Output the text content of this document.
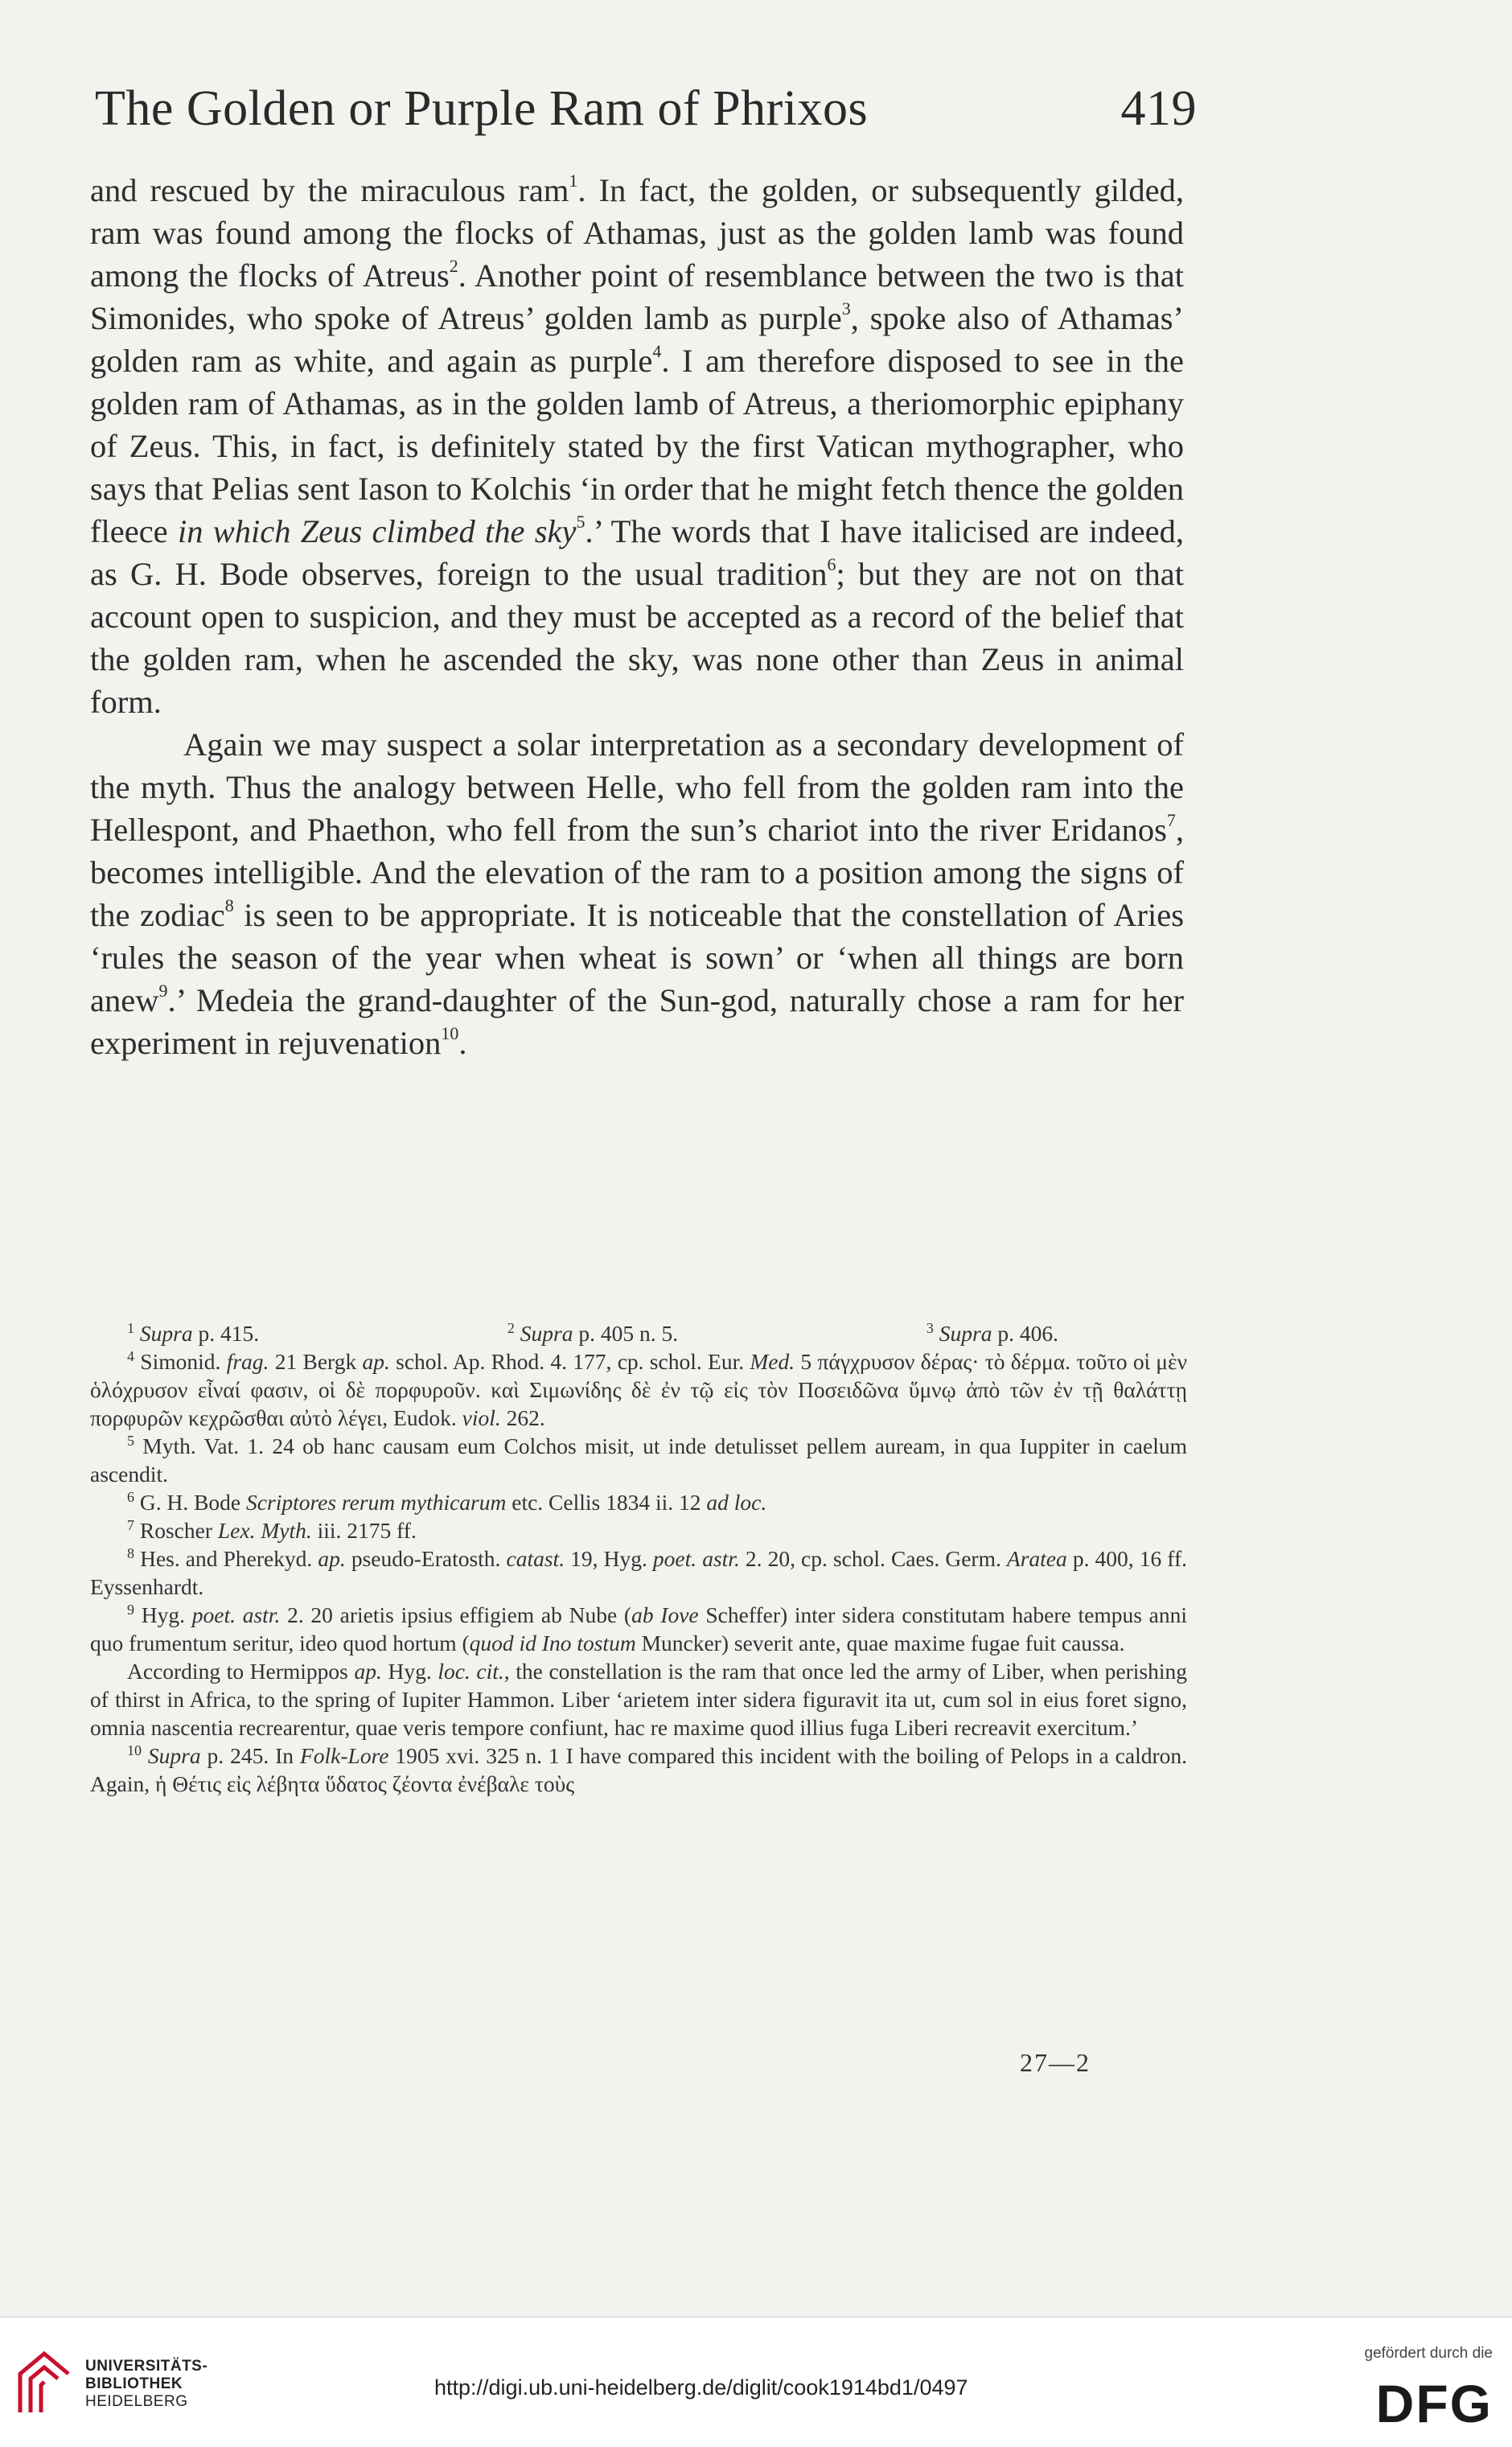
The Golden or Purple Ram of Phrixos	419

and rescued by the miraculous ram$^1$. In fact, the golden, or subsequently gilded, ram was found among the flocks of Athamas, just as the golden lamb was found among the flocks of Atreus$^2$. Another point of resemblance between the two is that Simonides, who spoke of Atreus’ golden lamb as purple$^3$, spoke also of Athamas’ golden ram as white, and again as purple$^4$. I am therefore disposed to see in the golden ram of Athamas, as in the golden lamb of Atreus, a theriomorphic epiphany of Zeus. This, in fact, is definitely stated by the first Vatican mythographer, who says that Pelias sent Iason to Kolchis ‘in order that he might fetch thence the golden fleece in which Zeus climbed the sky$^5$.’ The words that I have italicised are indeed, as G. H. Bode observes, foreign to the usual tradition$^6$; but they are not on that account open to suspicion, and they must be accepted as a record of the belief that the golden ram, when he ascended the sky, was none other than Zeus in animal form.

Again we may suspect a solar interpretation as a secondary development of the myth. Thus the analogy between Helle, who fell from the golden ram into the Hellespont, and Phaethon, who fell from the sun’s chariot into the river Eridanos$^7$, becomes intelligible. And the elevation of the ram to a position among the signs of the zodiac$^8$ is seen to be appropriate. It is noticeable that the constellation of Aries ‘rules the season of the year when wheat is sown’ or ‘when all things are born anew$^9$.’ Medeia the grand-daughter of the Sun-god, naturally chose a ram for her experiment in rejuvenation$^{10}$.

$^1$ Supra p. 415.	$^2$ Supra p. 405 n. 5.	$^3$ Supra p. 406.

$^4$ Simonid. frag. 21 Bergk ap. schol. Ap. Rhod. 4. 177, cp. schol. Eur. Med. 5 πάγχρυσον δέρας· τὸ δέρμα. τοῦτο οἱ μὲν ὁλόχρυσον εἶναί φασιν, οἱ δὲ πορφυροῦν. καὶ Σιμωνίδης δὲ ἐν τῷ εἰς τὸν Ποσειδῶνα ὕμνῳ ἀπὸ τῶν ἐν τῇ θαλάττῃ πορφυρῶν κεχρῶσθαι αὐτὸ λέγει, Eudok. viol. 262.

$^5$ Myth. Vat. 1. 24 ob hanc causam eum Colchos misit, ut inde detulisset pellem auream, in qua Iuppiter in caelum ascendit.

$^6$ G. H. Bode Scriptores rerum mythicarum etc. Cellis 1834 ii. 12 ad loc.

$^7$ Roscher Lex. Myth. iii. 2175 ff.

$^8$ Hes. and Pherekyd. ap. pseudo-Eratosth. catast. 19, Hyg. poet. astr. 2. 20, cp. schol. Caes. Germ. Aratea p. 400, 16 ff. Eyssenhardt.

$^9$ Hyg. poet. astr. 2. 20 arietis ipsius effigiem ab Nube (ab Iove Scheffer) inter sidera constitutam habere tempus anni quo frumentum seritur, ideo quod hortum (quod id Ino tostum Muncker) severit ante, quae maxime fugae fuit caussa.

According to Hermippos ap. Hyg. loc. cit., the constellation is the ram that once led the army of Liber, when perishing of thirst in Africa, to the spring of Iupiter Hammon. Liber ‘arietem inter sidera figuravit ita ut, cum sol in eius foret signo, omnia nascentia recrearentur, quae veris tempore confiunt, hac re maxime quod illius fuga Liberi recreavit exercitum.’

$^{10}$ Supra p. 245. In Folk-Lore 1905 xvi. 325 n. 1 I have compared this incident with the boiling of Pelops in a caldron. Again, ἡ Θέτις εἰς λέβητα ὕδατος ζέοντα ἐνέβαλε τοὺς

27—2
UNIVERSITÄTS-
BIBLIOTHEK
HEIDELBERG
http://digi.ub.uni-heidelberg.de/diglit/cook1914bd1/0497
gefördert durch die
DFG
